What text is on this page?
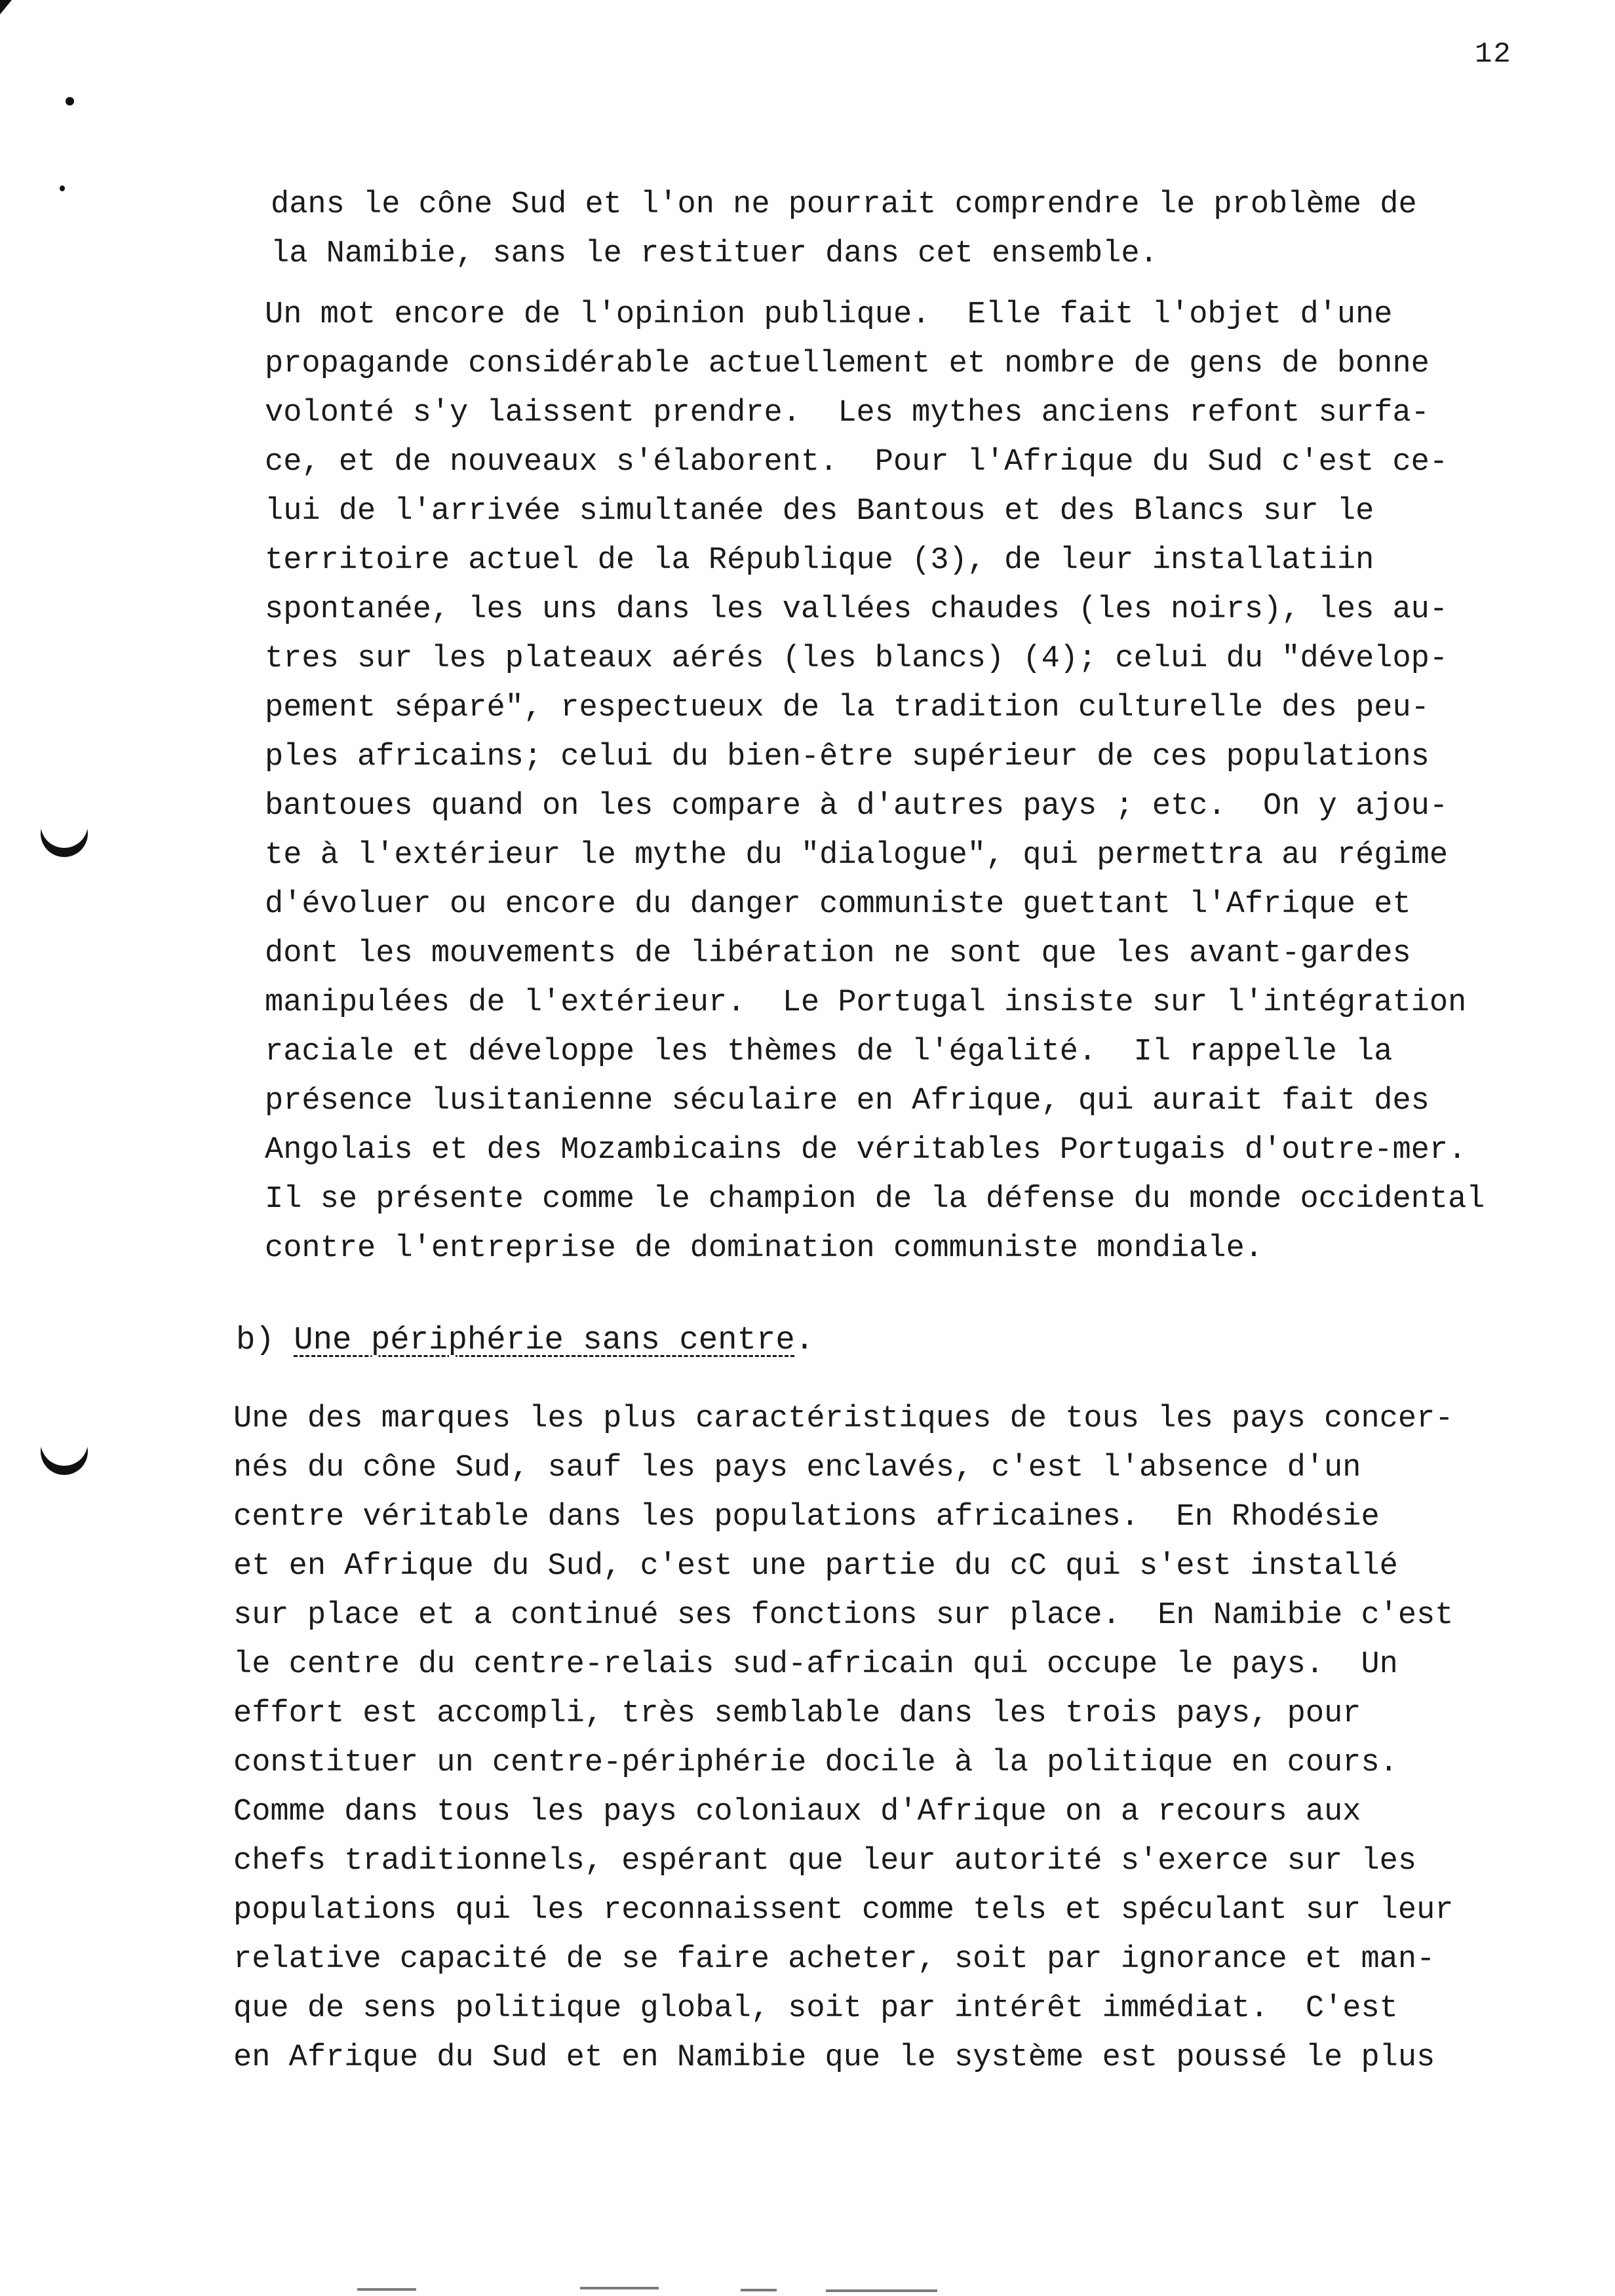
12
dans le cône Sud et l'on ne pourrait comprendre le problème de
la Namibie, sans le restituer dans cet ensemble.
Un mot encore de l'opinion publique.  Elle fait l'objet d'une
propagande considérable actuellement et nombre de gens de bonne
volonté s'y laissent prendre.  Les mythes anciens refont surfa-
ce, et de nouveaux s'élaborent.  Pour l'Afrique du Sud c'est ce-
lui de l'arrivée simultanée des Bantous et des Blancs sur le
territoire actuel de la République (3), de leur installatiin
spontanée, les uns dans les vallées chaudes (les noirs), les au-
tres sur les plateaux aérés (les blancs) (4); celui du "dévelop-
pement séparé", respectueux de la tradition culturelle des peu-
ples africains; celui du bien-être supérieur de ces populations
bantoues quand on les compare à d'autres pays ; etc.  On y ajou-
te à l'extérieur le mythe du "dialogue", qui permettra au régime
d'évoluer ou encore du danger communiste guettant l'Afrique et
dont les mouvements de libération ne sont que les avant-gardes
manipulées de l'extérieur.  Le Portugal insiste sur l'intégration
raciale et développe les thèmes de l'égalité.  Il rappelle la
présence lusitanienne séculaire en Afrique, qui aurait fait des
Angolais et des Mozambicains de véritables Portugais d'outre-mer.
Il se présente comme le champion de la défense du monde occidental
contre l'entreprise de domination communiste mondiale.
b) Une périphérie sans centre.
Une des marques les plus caractéristiques de tous les pays concer-
nés du cône Sud, sauf les pays enclavés, c'est l'absence d'un
centre véritable dans les populations africaines.  En Rhodésie
et en Afrique du Sud, c'est une partie du cC qui s'est installé
sur place et a continué ses fonctions sur place.  En Namibie c'est
le centre du centre-relais sud-africain qui occupe le pays.  Un
effort est accompli, très semblable dans les trois pays, pour
constituer un centre-périphérie docile à la politique en cours.
Comme dans tous les pays coloniaux d'Afrique on a recours aux
chefs traditionnels, espérant que leur autorité s'exerce sur les
populations qui les reconnaissent comme tels et spéculant sur leur
relative capacité de se faire acheter, soit par ignorance et man-
que de sens politique global, soit par intérêt immédiat.  C'est
en Afrique du Sud et en Namibie que le système est poussé le plus
